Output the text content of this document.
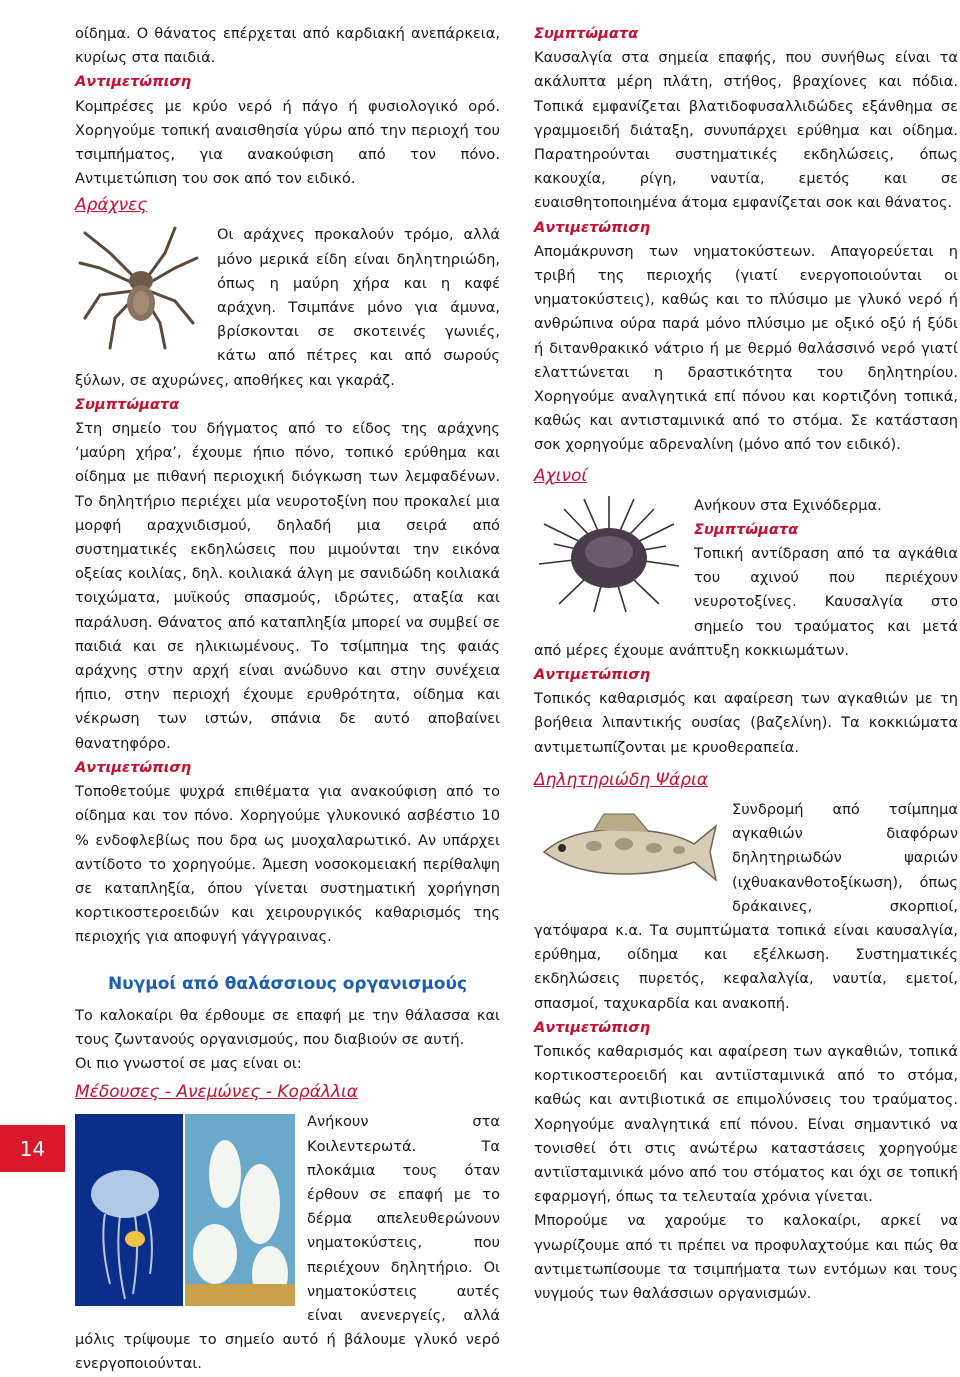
οίδημα. Ο θάνατος επέρχεται από καρδιακή ανεπάρκεια, κυρίως στα παιδιά.

Αντιμετώπιση

Κομπρέσες με κρύο νερό ή πάγο ή φυσιολογικό ορό. Χορηγούμε τοπική αναισθησία γύρω από την περιοχή του τσιμπήματος, για ανακούφιση από τον πόνο. Αντιμετώπιση του σοκ από τον ειδικό.

Αράχνες

Οι αράχνες προκαλούν τρόμο, αλλά μόνο μερικά είδη είναι δηλητηριώδη, όπως η μαύρη χήρα και η καφέ αράχνη. Τσιμπάνε μόνο για άμυνα, βρίσκονται σε σκοτεινές γωνιές, κάτω από πέτρες και από σωρούς ξύλων, σε αχυρώνες, αποθήκες και γκαράζ.

Συμπτώματα

Στη σημείο του δήγματος από το είδος της αράχνης ‘μαύρη χήρα’, έχουμε ήπιο πόνο, τοπικό ερύθημα και οίδημα με πιθανή περιοχική διόγκωση των λεμφαδένων. Το δηλητήριο περιέχει μία νευροτοξίνη που προκαλεί μια μορφή αραχνιδισμού, δηλαδή μια σειρά από συστηματικές εκδηλώσεις που μιμούνται την εικόνα οξείας κοιλίας, δηλ. κοιλιακά άλγη με σανιδώδη κοιλιακά τοιχώματα, μυϊκούς σπασμούς, ιδρώτες, αταξία και παράλυση. Θάνατος από καταπληξία μπορεί να συμβεί σε παιδιά και σε ηλικιωμένους. Το τσίμπημα της φαιάς αράχνης στην αρχή είναι ανώδυνο και στην συνέχεια ήπιο, στην περιοχή έχουμε ερυθρότητα, οίδημα και νέκρωση των ιστών, σπάνια δε αυτό αποβαίνει θανατηφόρο.

Αντιμετώπιση

Τοποθετούμε ψυχρά επιθέματα για ανακούφιση από το οίδημα και τον πόνο. Χορηγούμε γλυκονικό ασβέστιο 10 % ενδοφλεβίως που δρα ως μυοχαλαρωτικό. Αν υπάρχει αντίδοτο το χορηγούμε. Άμεση νοσοκομειακή περίθαλψη σε καταπληξία, όπου γίνεται συστηματική χορήγηση κορτικοστεροειδών και χειρουργικός καθαρισμός της περιοχής για αποφυγή γάγγραινας.

Νυγμοί από θαλάσσιους οργανισμούς

Το καλοκαίρι θα έρθουμε σε επαφή με την θάλασσα και τους ζωντανούς οργανισμούς, που διαβιούν σε αυτή.

Οι πιο γνωστοί σε μας είναι οι:

Μέδουσες - Ανεμώνες - Κοράλλια

Ανήκουν στα Κοιλεντερωτά. Τα πλοκάμια τους όταν έρθουν σε επαφή με το δέρμα απελευθερώνουν νηματοκύστεις, που περιέχουν δηλητήριο. Οι νηματοκύστεις αυτές είναι ανενεργείς, αλλά μόλις τρίψουμε το σημείο αυτό ή βάλουμε γλυκό νερό ενεργοποιούνται.

Συμπτώματα

Καυσαλγία στα σημεία επαφής, που συνήθως είναι τα ακάλυπτα μέρη πλάτη, στήθος, βραχίονες και πόδια. Τοπικά εμφανίζεται βλατιδοφυσαλλιδώδες εξάνθημα σε γραμμοειδή διάταξη, συνυπάρχει ερύθημα και οίδημα. Παρατηρούνται συστηματικές εκδηλώσεις, όπως κακουχία, ρίγη, ναυτία, εμετός και σε ευαισθητοποιημένα άτομα εμφανίζεται σοκ και θάνατος.

Αντιμετώπιση

Απομάκρυνση των νηματοκύστεων. Απαγορεύεται η τριβή της περιοχής (γιατί ενεργοποιούνται οι νηματοκύστεις), καθώς και το πλύσιμο με γλυκό νερό ή ανθρώπινα ούρα παρά μόνο πλύσιμο με οξικό οξύ ή ξύδι ή διτανθρακικό νάτριο ή με θερμό θαλάσσινό νερό γιατί ελαττώνεται η δραστικότητα του δηλητηρίου. Χορηγούμε αναλγητικά επί πόνου και κορτιζόνη τοπικά, καθώς και αντισταμινικά από το στόμα. Σε κατάσταση σοκ χορηγούμε αδρεναλίνη (μόνο από τον ειδικό).

Αχινοί

Ανήκουν στα Εχινόδερμα.

Συμπτώματα

Τοπική αντίδραση από τα αγκάθια του αχινού που περιέχουν νευροτοξίνες. Καυσαλγία στο σημείο του τραύματος και μετά από μέρες έχουμε ανάπτυξη κοκκιωμάτων.

Αντιμετώπιση

Τοπικός καθαρισμός και αφαίρεση των αγκαθιών με τη βοήθεια λιπαντικής ουσίας (βαζελίνη). Τα κοκκιώματα αντιμετωπίζονται με κρυοθεραπεία.

Δηλητηριώδη Ψάρια

Συνδρομή από τσίμπημα αγκαθιών διαφόρων δηλητηριωδών ψαριών (ιχθυακανθοτοξίκωση), όπως δράκαινες, σκορπιοί, γατόψαρα κ.α. Τα συμπτώματα τοπικά είναι καυσαλγία, ερύθημα, οίδημα και εξέλκωση. Συστηματικές εκδηλώσεις πυρετός, κεφαλαλγία, ναυτία, εμετοί, σπασμοί, ταχυκαρδία και ανακοπή.

Αντιμετώπιση

Τοπικός καθαρισμός και αφαίρεση των αγκαθιών, τοπικά κορτικοστεροειδή και αντιϊσταμινικά από το στόμα, καθώς και αντιβιοτικά σε επιμολύνσεις του τραύματος. Χορηγούμε αναλγητικά επί πόνου. Είναι σημαντικό να τονισθεί ότι στις ανώτέρω καταστάσεις χορηγούμε αντιϊσταμινικά μόνο από του στόματος και όχι σε τοπική εφαρμογή, όπως τα τελευταία χρόνια γίνεται.

Μπορούμε να χαρούμε το καλοκαίρι, αρκεί να γνωρίζουμε από τι πρέπει να προφυλαχτούμε και πώς θα αντιμετωπίσουμε τα τσιμπήματα των εντόμων και τους νυγμούς των θαλάσσιων οργανισμών.

14
